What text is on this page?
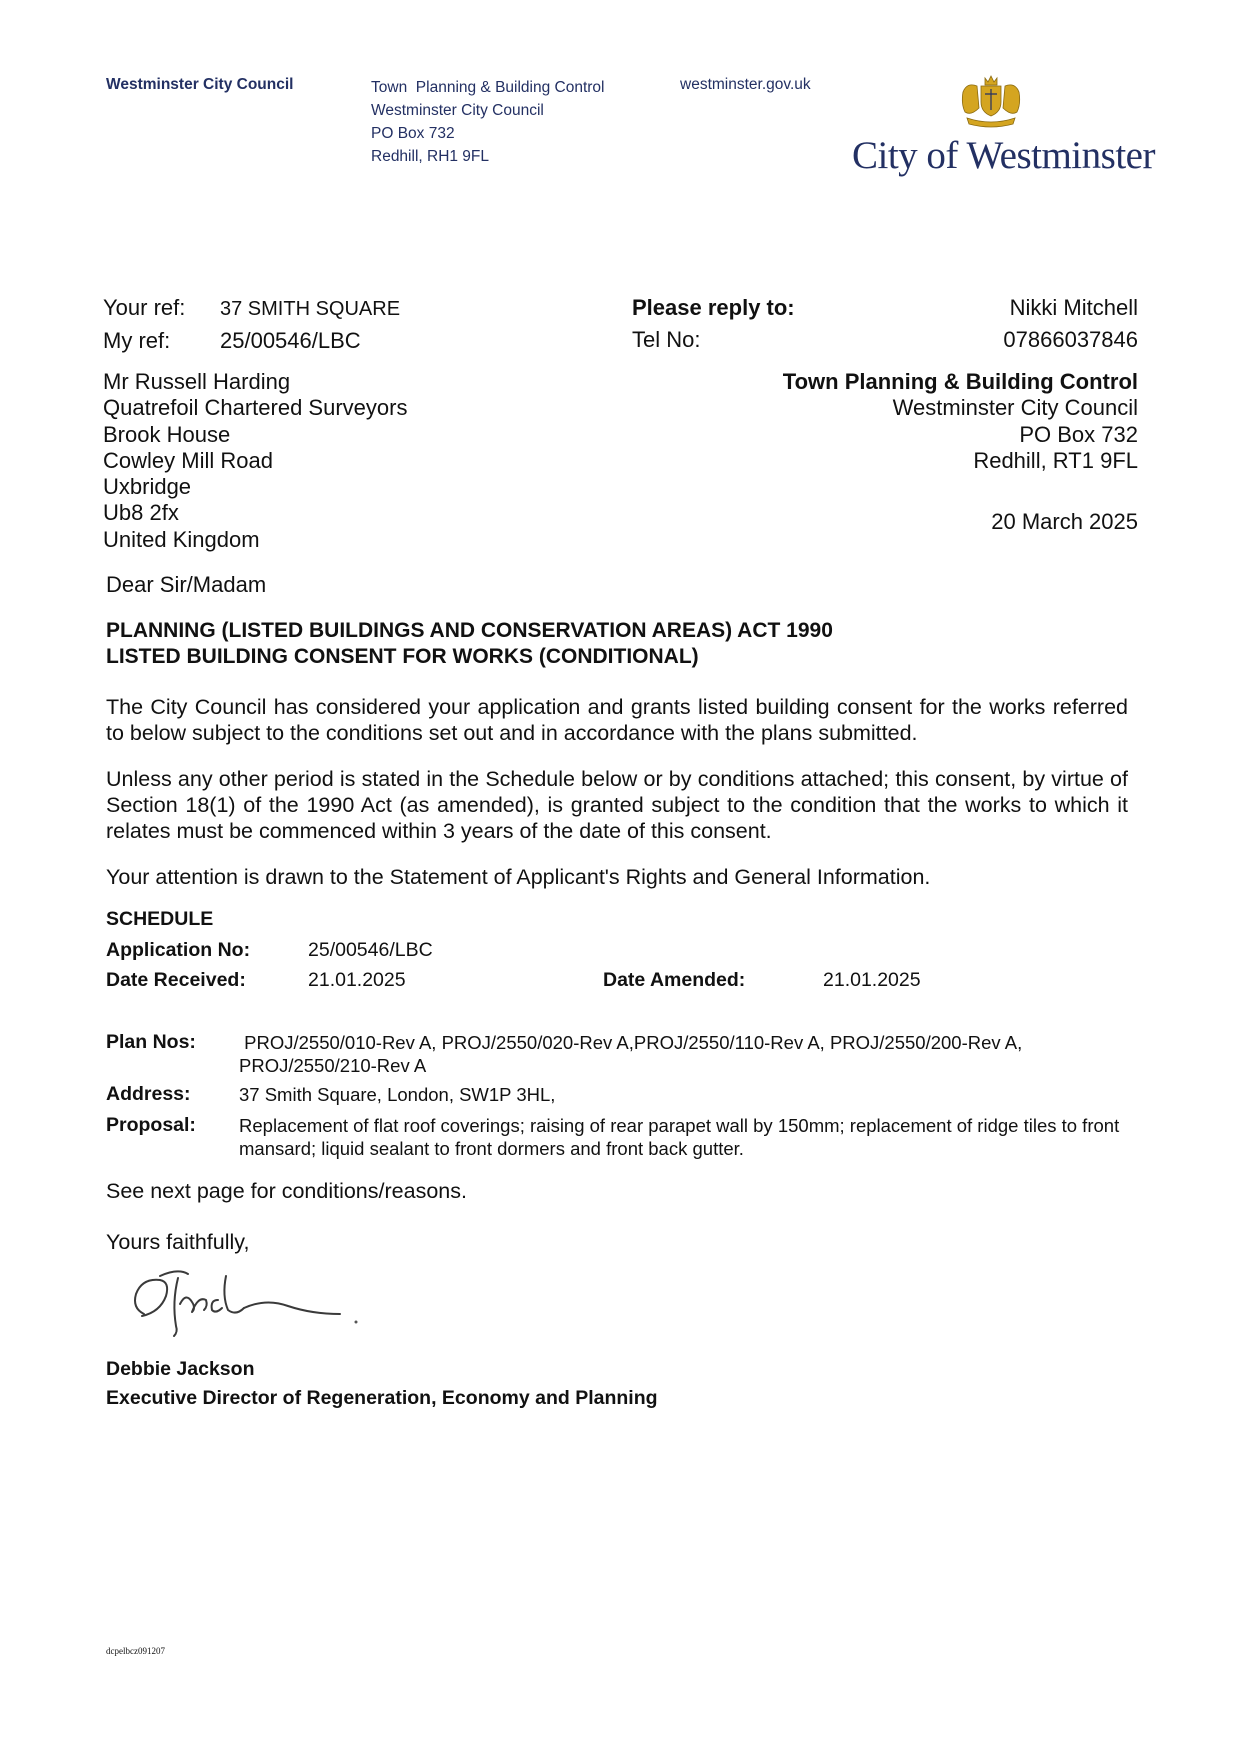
Westminster City Council	Town  Planning & Building Control
Westminster City Council
PO Box 732
Redhill, RH1 9FL
westminster.gov.uk
City of Westminster
Your ref: 37 SMITH SQUARE
My ref: 25/00546/LBC
Please reply to:	Nikki Mitchell
Tel No:	07866037846
Mr Russell Harding
Quatrefoil Chartered Surveyors
Brook House
Cowley Mill Road
Uxbridge
Ub8 2fx
United Kingdom
Town Planning & Building Control
Westminster City Council
PO Box 732
Redhill, RT1 9FL
20 March 2025
Dear Sir/Madam
PLANNING (LISTED BUILDINGS AND CONSERVATION AREAS) ACT 1990
LISTED BUILDING CONSENT FOR WORKS (CONDITIONAL)
The City Council has considered your application and grants listed building consent for the works referred to below subject to the conditions set out and in accordance with the plans submitted.
Unless any other period is stated in the Schedule below or by conditions attached; this consent, by virtue of Section 18(1) of the 1990 Act (as amended), is granted subject to the condition that the works to which it relates must be commenced within 3 years of the date of this consent.
Your attention is drawn to the Statement of Applicant's Rights and General Information.
SCHEDULE
Application No:	25/00546/LBC
Date Received:	21.01.2025	Date Amended:	21.01.2025
Plan Nos: PROJ/2550/010-Rev A, PROJ/2550/020-Rev A,PROJ/2550/110-Rev A, PROJ/2550/200-Rev A, PROJ/2550/210-Rev A
Address:	37 Smith Square, London, SW1P 3HL,
Proposal: Replacement of flat roof coverings; raising of rear parapet wall by 150mm; replacement of ridge tiles to front mansard; liquid sealant to front dormers and front back gutter.
See next page for conditions/reasons.
Yours faithfully,
Debbie Jackson
Executive Director of Regeneration, Economy and Planning
dcpelbcz091207
